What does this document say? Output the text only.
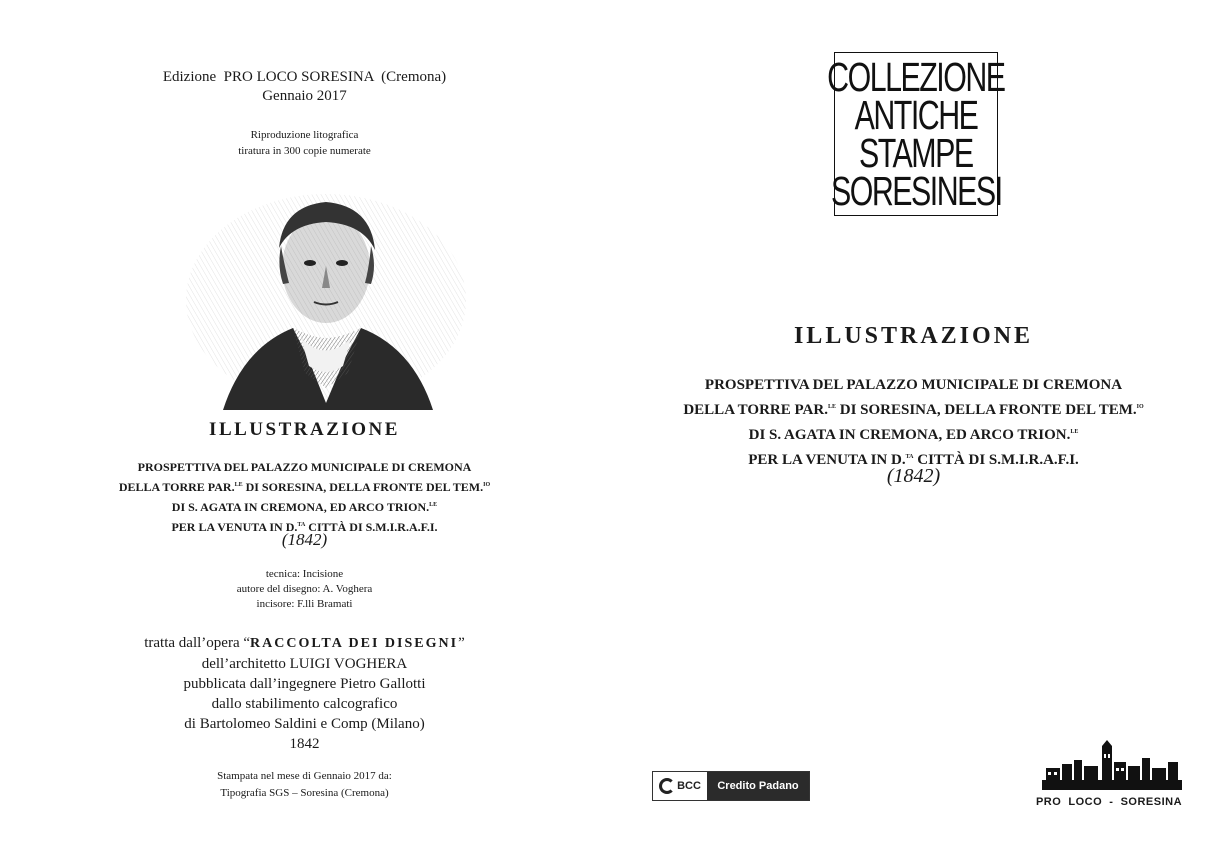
Edizione  PRO LOCO SORESINA  (Cremona)
Gennaio 2017
Riproduzione litografica
tiratura in 300 copie numerate
ILLUSTRAZIONE
PROSPETTIVA DEL PALAZZO MUNICIPALE DI CREMONA
DELLA TORRE PAR.$^{LE}$ DI SORESINA, DELLA FRONTE DEL TEM.$^{IO}$
DI S. AGATA IN CREMONA, ED ARCO TRION.$^{LE}$
PER LA VENUTA IN D.$^{TA}$ CITTÀ DI S.M.I.R.A.F.I.
(1842)
tecnica: Incisione
autore del disegno: A. Voghera
incisore: F.lli Bramati
tratta dall’opera “RACCOLTA DEI DISEGNI”
dell’architetto LUIGI VOGHERA
pubblicata dall’ingegnere Pietro Gallotti
dallo stabilimento calcografico
di Bartolomeo Saldini e Comp (Milano)
1842
Stampata nel mese di Gennaio 2017 da:
Tipografia SGS – Soresina (Cremona)
COLLEZIONE
ANTICHE
STAMPE
SORESINESI
ILLUSTRAZIONE
PROSPETTIVA DEL PALAZZO MUNICIPALE DI CREMONA
DELLA TORRE PAR.$^{LE}$ DI SORESINA, DELLA FRONTE DEL TEM.$^{IO}$
DI S. AGATA IN CREMONA, ED ARCO TRION.$^{LE}$
PER LA VENUTA IN D.$^{TA}$ CITTÀ DI S.M.I.R.A.F.I.
(1842)
BCC	Credito Padano
PRO  LOCO  -  SORESINA
